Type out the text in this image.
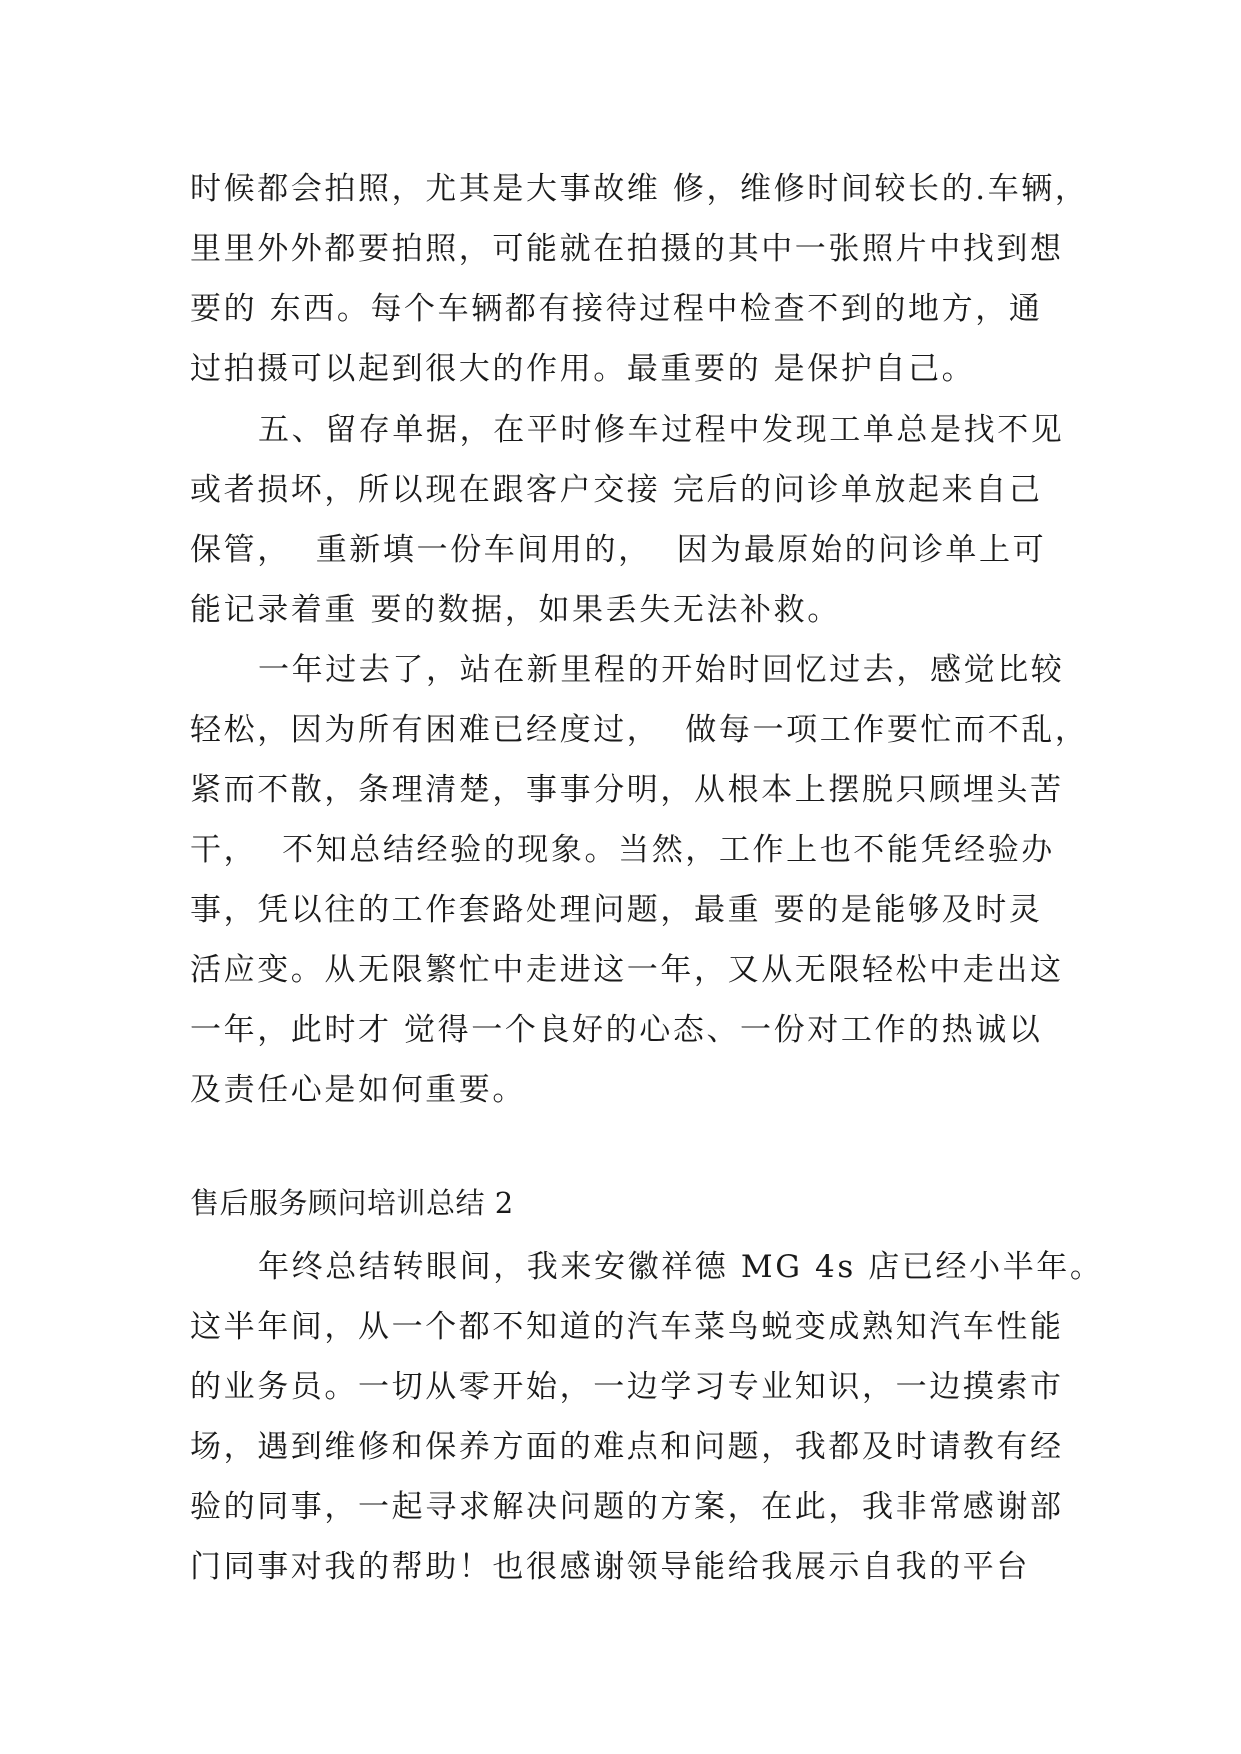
时候都会拍照，尤其是大事故维 修，维修时间较长的.车辆，
里里外外都要拍照，可能就在拍摄的其中一张照片中找到想
要的 东西。每个车辆都有接待过程中检查不到的地方，通
过拍摄可以起到很大的作用。最重要的 是保护自己。
五、留存单据，在平时修车过程中发现工单总是找不见
或者损坏，所以现在跟客户交接 完后的问诊单放起来自己
保管，  重新填一份车间用的，  因为最原始的问诊单上可
能记录着重 要的数据，如果丢失无法补救。
一年过去了，站在新里程的开始时回忆过去，感觉比较
轻松，因为所有困难已经度过，  做每一项工作要忙而不乱，
紧而不散，条理清楚，事事分明，从根本上摆脱只顾埋头苦
干，  不知总结经验的现象。当然，工作上也不能凭经验办
事，凭以往的工作套路处理问题，最重 要的是能够及时灵
活应变。从无限繁忙中走进这一年，又从无限轻松中走出这
一年，此时才 觉得一个良好的心态、一份对工作的热诚以
及责任心是如何重要。
售后服务顾问培训总结 2
年终总结转眼间，我来安徽祥德 MG 4s 店已经小半年。
这半年间，从一个都不知道的汽车菜鸟蜕变成熟知汽车性能
的业务员。一切从零开始，一边学习专业知识，一边摸索市
场，遇到维修和保养方面的难点和问题，我都及时请教有经
验的同事，一起寻求解决问题的方案，在此，我非常感谢部
门同事对我的帮助！也很感谢领导能给我展示自我的平台
